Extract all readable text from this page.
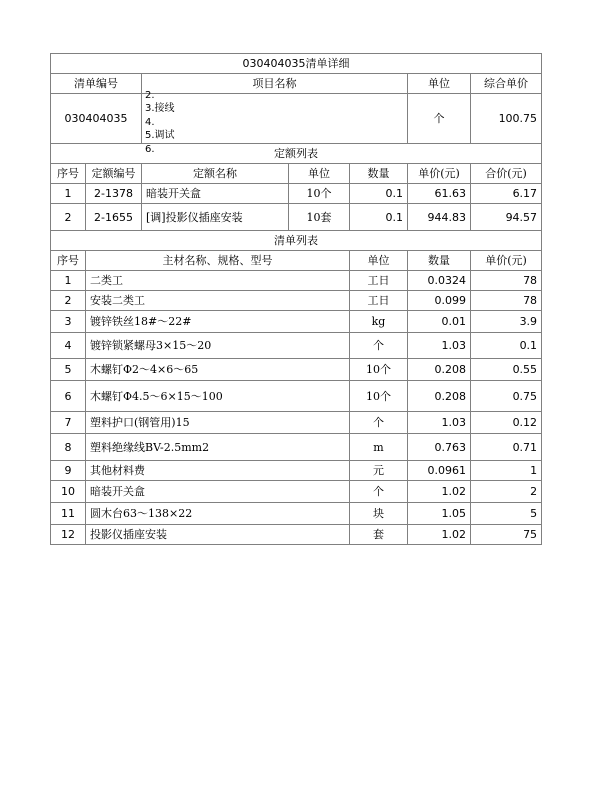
030404035清单详细							
清单编号		项目名称			单位	综合单价	
030404035		2.
3.接线
4.
5.调试
6.			个	100.75	
定额列表							
序号	定额编号	定额名称	单位	数量	单价(元)	合价(元)	
1	2-1378	暗装开关盒	10个	0.1	61.63	6.17	
2	2-1655	[调]投影仪插座安装	10套	0.1	944.83	94.57	
清单列表							
序号	主材名称、规格、型号			单位	数量	单价(元)	
1	二类工			工日	0.0324	78	
2	安装二类工			工日	0.099	78	
3	镀锌铁丝18#～22#			kg	0.01	3.9	
4	镀锌锁紧螺母3×15～20			个	1.03	0.1	
5	木螺钉Φ2～4×6～65			10个	0.208	0.55	
6	木螺钉Φ4.5～6×15～100			10个	0.208	0.75	
7	塑料护口(钢管用)15			个	1.03	0.12	
8	塑料绝缘线BV-2.5mm2			m	0.763	0.71	
9	其他材料费			元	0.0961	1	
10	暗装开关盒			个	1.02	2	
11	圆木台63～138×22			块	1.05	5	
12	投影仪插座安装			套	1.02	75	
